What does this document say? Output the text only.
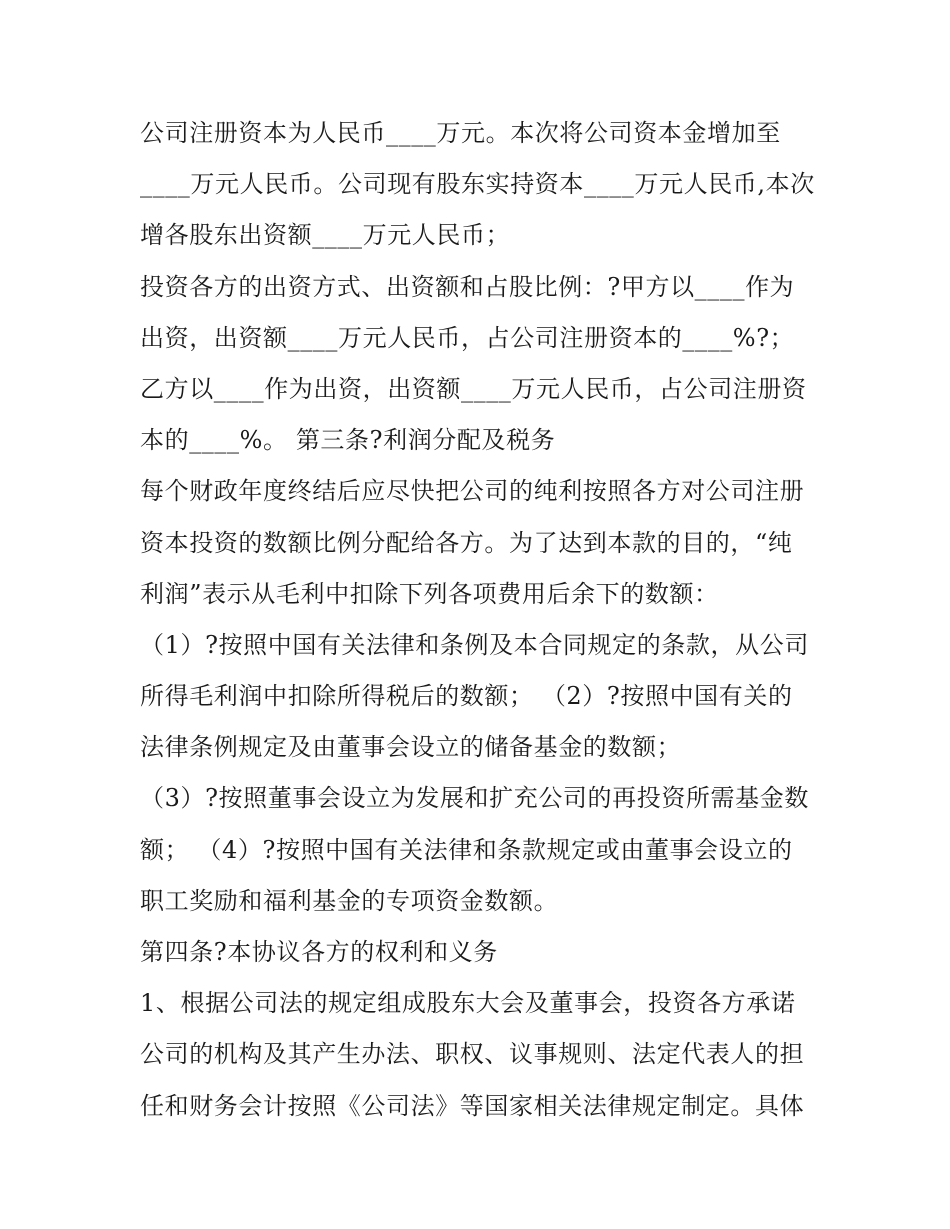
公司注册资本为人民币____万元。本次将公司资本金增加至
____万元人民币。公司现有股东实持资本____万元人民币,本次
增各股东出资额____万元人民币；
投资各方的出资方式、出资额和占股比例：?甲方以____作为
出资，出资额____万元人民币，占公司注册资本的____%?；
乙方以____作为出资，出资额____万元人民币，占公司注册资
本的____%。 第三条?利润分配及税务
每个财政年度终结后应尽快把公司的纯利按照各方对公司注册
资本投资的数额比例分配给各方。为了达到本款的目的，“纯
利润”表示从毛利中扣除下列各项费用后余下的数额：
（1）?按照中国有关法律和条例及本合同规定的条款，从公司
所得毛利润中扣除所得税后的数额； （2）?按照中国有关的
法律条例规定及由董事会设立的储备基金的数额；
（3）?按照董事会设立为发展和扩充公司的再投资所需基金数
额； （4）?按照中国有关法律和条款规定或由董事会设立的
职工奖励和福利基金的专项资金数额。
第四条?本协议各方的权利和义务
1、根据公司法的规定组成股东大会及董事会，投资各方承诺
公司的机构及其产生办法、职权、议事规则、法定代表人的担
任和财务会计按照《公司法》等国家相关法律规定制定。具体
